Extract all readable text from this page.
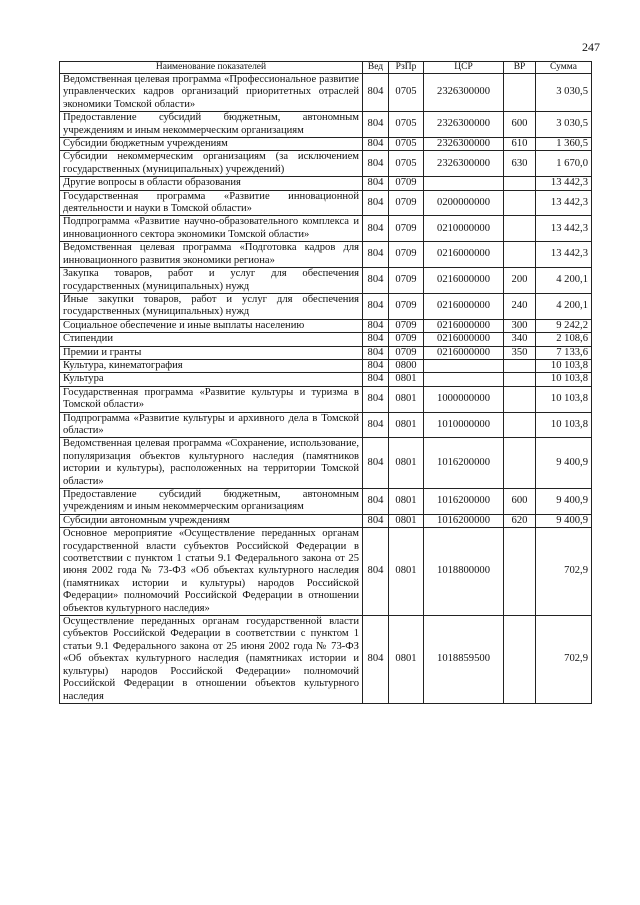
247
Наименование показателей	Вед	РзПр	ЦСР	ВР	Сумма
Ведомственная целевая программа «Профессиональное развитие управленческих кадров организаций приоритетных отраслей экономики Томской области»	804	0705	2326300000		3 030,5
Предоставление субсидий бюджетным, автономным учреждениям и иным некоммерческим организациям	804	0705	2326300000	600	3 030,5
Субсидии бюджетным учреждениям	804	0705	2326300000	610	1 360,5
Субсидии некоммерческим организациям (за исключением государственных (муниципальных) учреждений)	804	0705	2326300000	630	1 670,0
Другие вопросы в области образования	804	0709			13 442,3
Государственная программа «Развитие инновационной деятельности и науки в Томской области»	804	0709	0200000000		13 442,3
Подпрограмма «Развитие научно-образовательного комплекса и инновационного сектора экономики Томской области»	804	0709	0210000000		13 442,3
Ведомственная целевая программа «Подготовка кадров для инновационного развития экономики региона»	804	0709	0216000000		13 442,3
Закупка товаров, работ и услуг для обеспечения государственных (муниципальных) нужд	804	0709	0216000000	200	4 200,1
Иные закупки товаров, работ и услуг для обеспечения государственных (муниципальных) нужд	804	0709	0216000000	240	4 200,1
Социальное обеспечение и иные выплаты населению	804	0709	0216000000	300	9 242,2
Стипендии	804	0709	0216000000	340	2 108,6
Премии и гранты	804	0709	0216000000	350	7 133,6
Культура, кинематография	804	0800			10 103,8
Культура	804	0801			10 103,8
Государственная программа «Развитие культуры и туризма в Томской области»	804	0801	1000000000		10 103,8
Подпрограмма «Развитие культуры и архивного дела в Томской области»	804	0801	1010000000		10 103,8
Ведомственная целевая программа «Сохранение, использование, популяризация объектов культурного наследия (памятников истории и культуры), расположенных на территории Томской области»	804	0801	1016200000		9 400,9
Предоставление субсидий бюджетным, автономным учреждениям и иным некоммерческим организациям	804	0801	1016200000	600	9 400,9
Субсидии автономным учреждениям	804	0801	1016200000	620	9 400,9
Основное мероприятие «Осуществление переданных органам государственной власти субъектов Российской Федерации в соответствии с пунктом 1 статьи 9.1 Федерального закона от 25 июня 2002 года № 73-ФЗ «Об объектах культурного наследия (памятниках истории и культуры) народов Российской Федерации» полномочий Российской Федерации в отношении объектов культурного наследия»	804	0801	1018800000		702,9
Осуществление переданных органам государственной власти субъектов Российской Федерации в соответствии с пунктом 1 статьи 9.1 Федерального закона от 25 июня 2002 года № 73-ФЗ «Об объектах культурного наследия (памятниках истории и культуры) народов Российской Федерации» полномочий Российской Федерации в отношении объектов культурного наследия	804	0801	1018859500		702,9
